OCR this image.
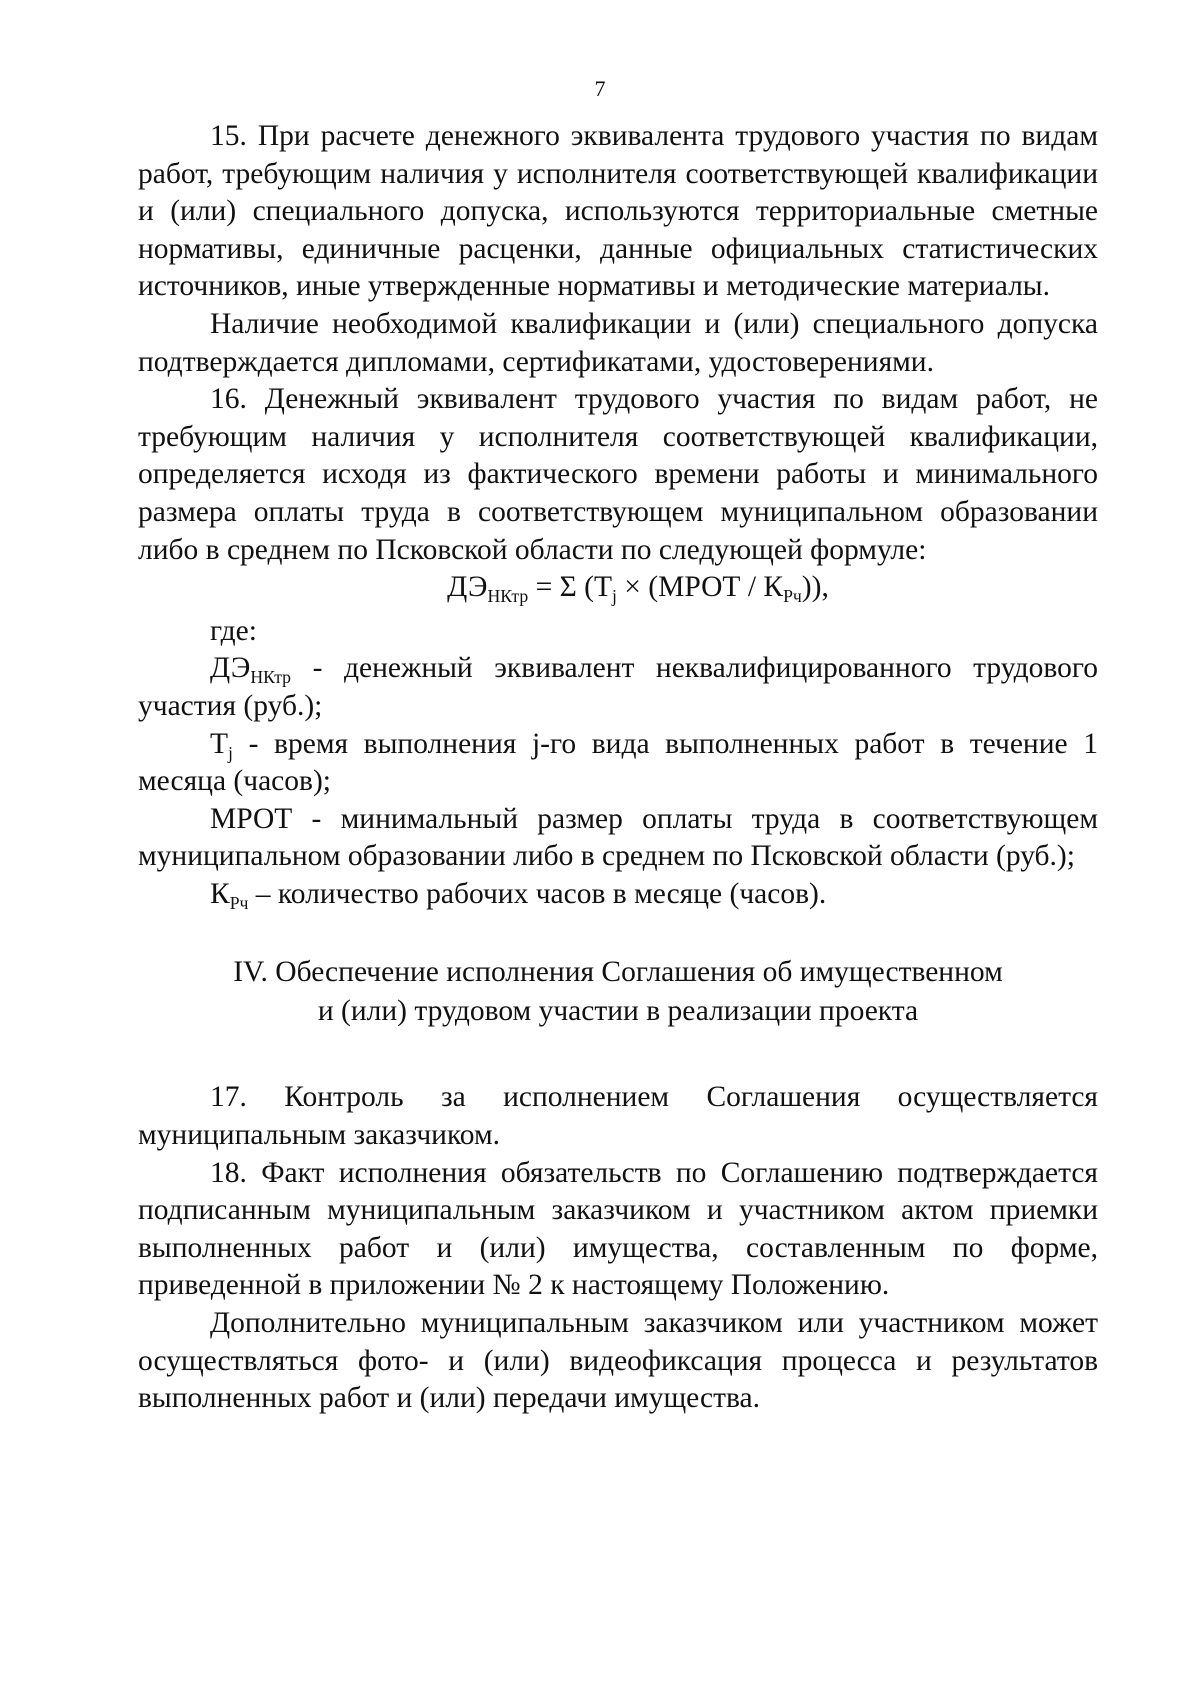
7

15. При расчете денежного эквивалента трудового участия по видам работ, требующим наличия у исполнителя соответствующей квалификации и (или) специального допуска, используются территориальные сметные нормативы, единичные расценки, данные официальных статистических источников, иные утвержденные нормативы и методические материалы.

Наличие необходимой квалификации и (или) специального допуска подтверждается дипломами, сертификатами, удостоверениями.

16. Денежный эквивалент трудового участия по видам работ, не требующим наличия у исполнителя соответствующей квалификации, определяется исходя из фактического времени работы и минимального размера оплаты труда в соответствующем муниципальном образовании либо в среднем по Псковской области по следующей формуле:

$ДЭ_{НКтр} = \Sigma$ ($T_j$ × (МРОТ / $К_{Рч}$)),

где:

$ДЭ_{НКтр}$ - денежный эквивалент неквалифицированного трудового участия (руб.);

$T_j$ - время выполнения j-го вида выполненных работ в течение 1 месяца (часов);

МРОТ - минимальный размер оплаты труда в соответствующем муниципальном образовании либо в среднем по Псковской области (руб.);

$К_{Рч}$ – количество рабочих часов в месяце (часов).

IV. Обеспечение исполнения Соглашения об имущественном
и (или) трудовом участии в реализации проекта

17. Контроль за исполнением Соглашения осуществляется муниципальным заказчиком.

18. Факт исполнения обязательств по Соглашению подтверждается подписанным муниципальным заказчиком и участником актом приемки выполненных работ и (или) имущества, составленным по форме, приведенной в приложении № 2 к настоящему Положению.

Дополнительно муниципальным заказчиком или участником может осуществляться фото- и (или) видеофиксация процесса и результатов выполненных работ и (или) передачи имущества.
